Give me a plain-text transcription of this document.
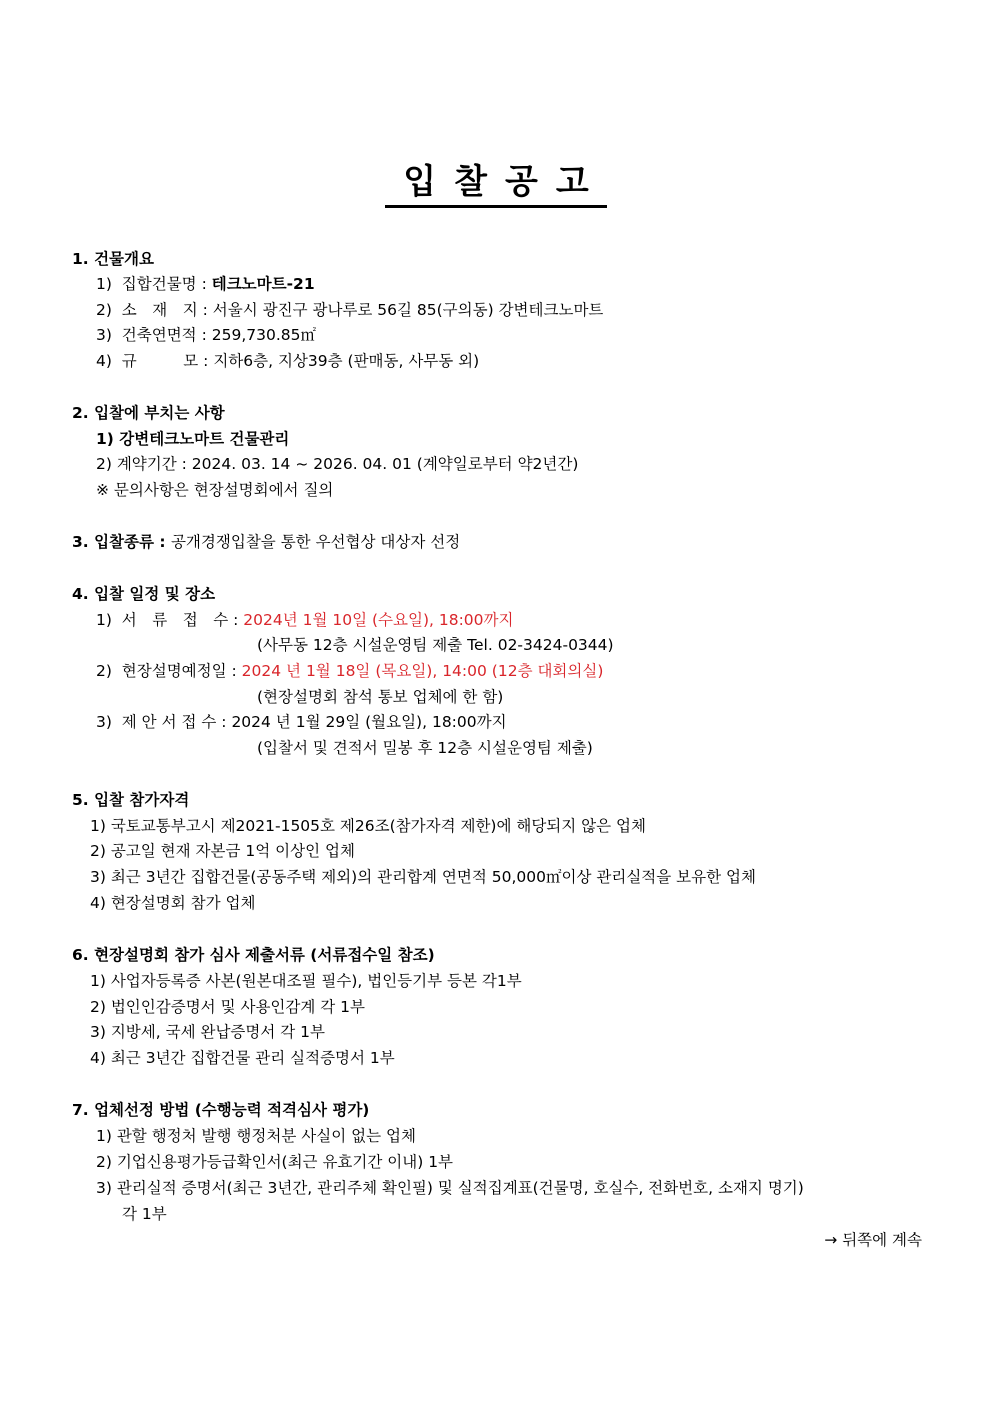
입찰공고
1. 건물개요
1) 집합건물명 : 테크노마트-21
2) 소　재　지 : 서울시 광진구 광나루로 56길 85(구의동) 강변테크노마트
3) 건축연면적 : 259,730.85㎡
4) 규　　　모 : 지하6층, 지상39층 (판매동, 사무동 외)
2. 입찰에 부치는 사항
1) 강변테크노마트 건물관리
2) 계약기간 : 2024. 03. 14 ~ 2026. 04. 01 (계약일로부터 약2년간)
※ 문의사항은 현장설명회에서 질의
3. 입찰종류 : 공개경쟁입찰을 통한 우선협상 대상자 선정
4. 입찰 일정 및 장소
1) 서　류　접　수 : 2024년 1월 10일 (수요일), 18:00까지
(사무동 12층 시설운영팀 제출 Tel. 02-3424-0344)
2) 현장설명예정일 : 2024 년 1월 18일 (목요일), 14:00 (12층 대회의실)
(현장설명회 참석 통보 업체에 한 함)
3) 제 안 서 접 수 : 2024 년 1월 29일 (월요일), 18:00까지
(입찰서 및 견적서 밀봉 후 12층 시설운영팀 제출)
5. 입찰 참가자격
1) 국토교통부고시 제2021-1505호 제26조(참가자격 제한)에 해당되지 않은 업체
2) 공고일 현재 자본금 1억 이상인 업체
3) 최근 3년간 집합건물(공동주택 제외)의 관리합계 연면적 50,000㎡이상 관리실적을 보유한 업체
4) 현장설명회 참가 업체
6. 현장설명회 참가 심사 제출서류 (서류접수일 참조)
1) 사업자등록증 사본(원본대조필 필수), 법인등기부 등본 각1부
2) 법인인감증명서 및 사용인감계 각 1부
3) 지방세, 국세 완납증명서 각 1부
4) 최근 3년간 집합건물 관리 실적증명서 1부
7. 업체선정 방법 (수행능력 적격심사 평가)
1) 관할 행정처 발행 행정처분 사실이 없는 업체
2) 기업신용평가등급확인서(최근 유효기간 이내) 1부
3) 관리실적 증명서(최근 3년간, 관리주체 확인필) 및 실적집계표(건물명, 호실수, 전화번호, 소재지 명기)
각 1부
→ 뒤쪽에 계속
